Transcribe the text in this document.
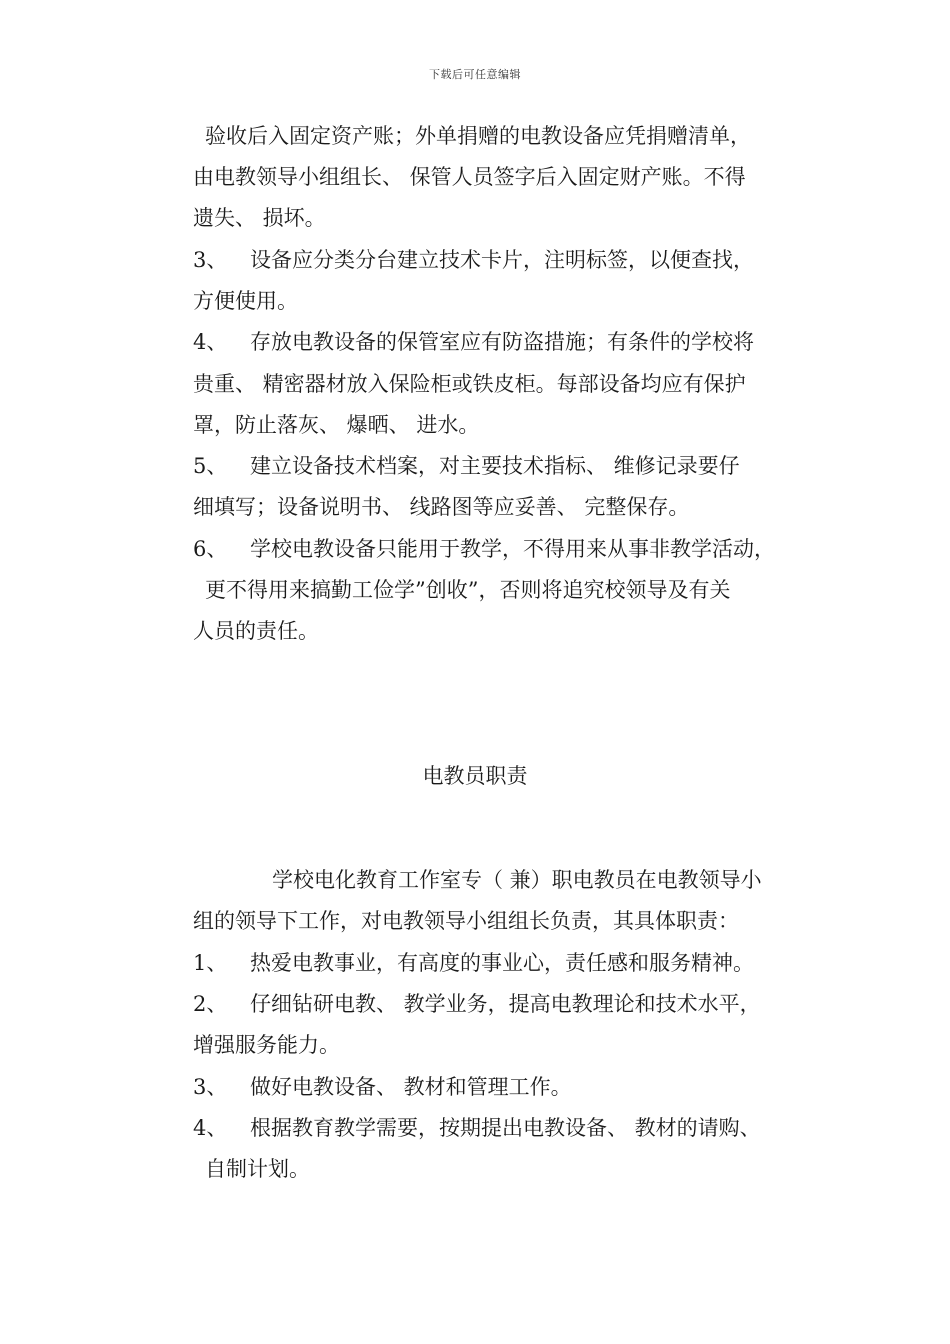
下载后可任意编辑
验收后入固定资产账；外单捐赠的电教设备应凭捐赠清单，
由电教领导小组组长、 保管人员签字后入固定财产账。不得
遗失、 损坏。
3、 设备应分类分台建立技术卡片，注明标签，以便查找，
方便使用。
4、 存放电教设备的保管室应有防盗措施；有条件的学校将
贵重、 精密器材放入保险柜或铁皮柜。每部设备均应有保护
罩，防止落灰、 爆晒、 进水。
5、 建立设备技术档案，对主要技术指标、 维修记录要仔
细填写；设备说明书、 线路图等应妥善、 完整保存。
6、 学校电教设备只能用于教学，不得用来从事非教学活动，
更不得用来搞勤工俭学”创收”，否则将追究校领导及有关
人员的责任。
电教员职责
学校电化教育工作室专（ 兼）职电教员在电教领导小
组的领导下工作，对电教领导小组组长负责，其具体职责：
1、 热爱电教事业，有高度的事业心，责任感和服务精神。
2、 仔细钻研电教、 教学业务，提高电教理论和技术水平，
增强服务能力。
3、 做好电教设备、 教材和管理工作。
4、 根据教育教学需要，按期提出电教设备、 教材的请购、
自制计划。
